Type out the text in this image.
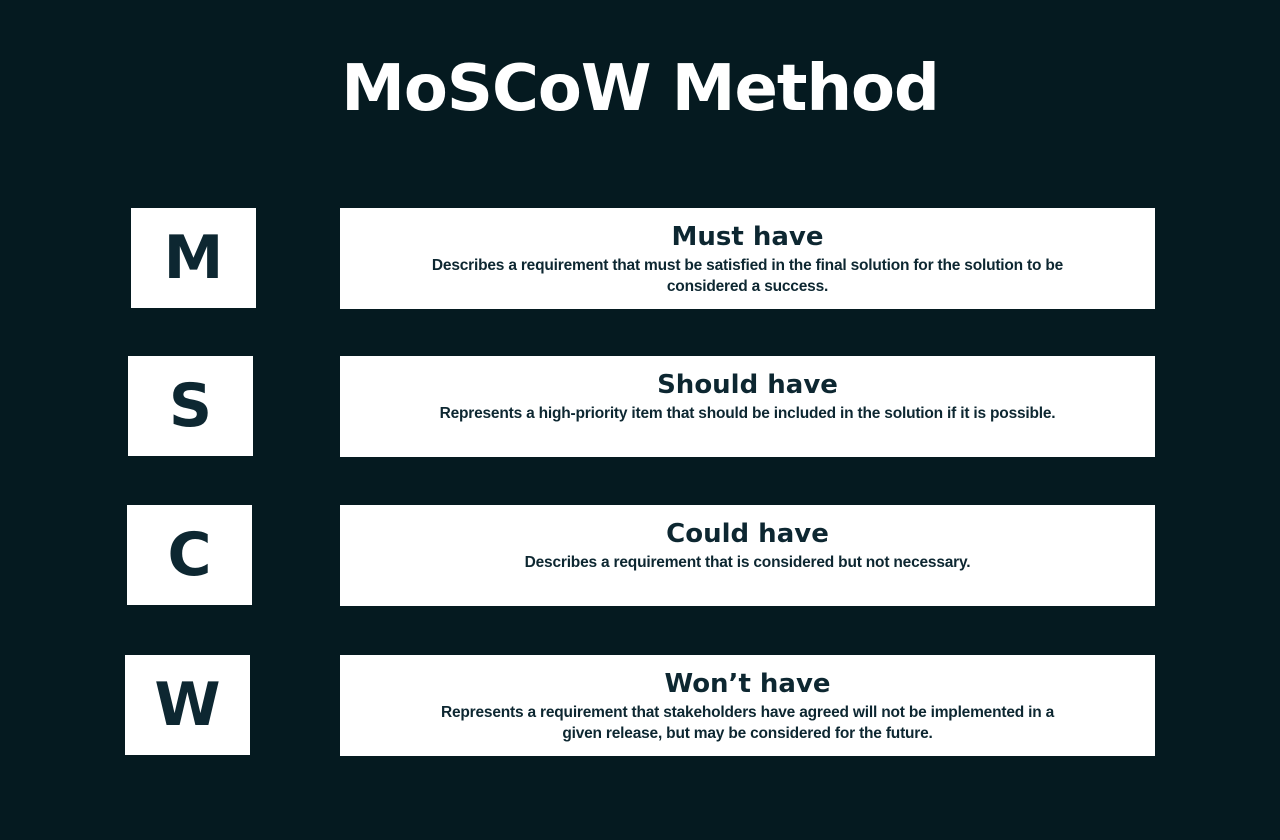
MoSCoW Method
M	Must have
Describes a requirement that must be satisfied in the final solution for the solution to be
considered a success.
S	Should have
Represents a high-priority item that should be included in the solution if it is possible.
C	Could have
Describes a requirement that is considered but not necessary.
W	Won’t have
Represents a requirement that stakeholders have agreed will not be implemented in a
given release, but may be considered for the future.
